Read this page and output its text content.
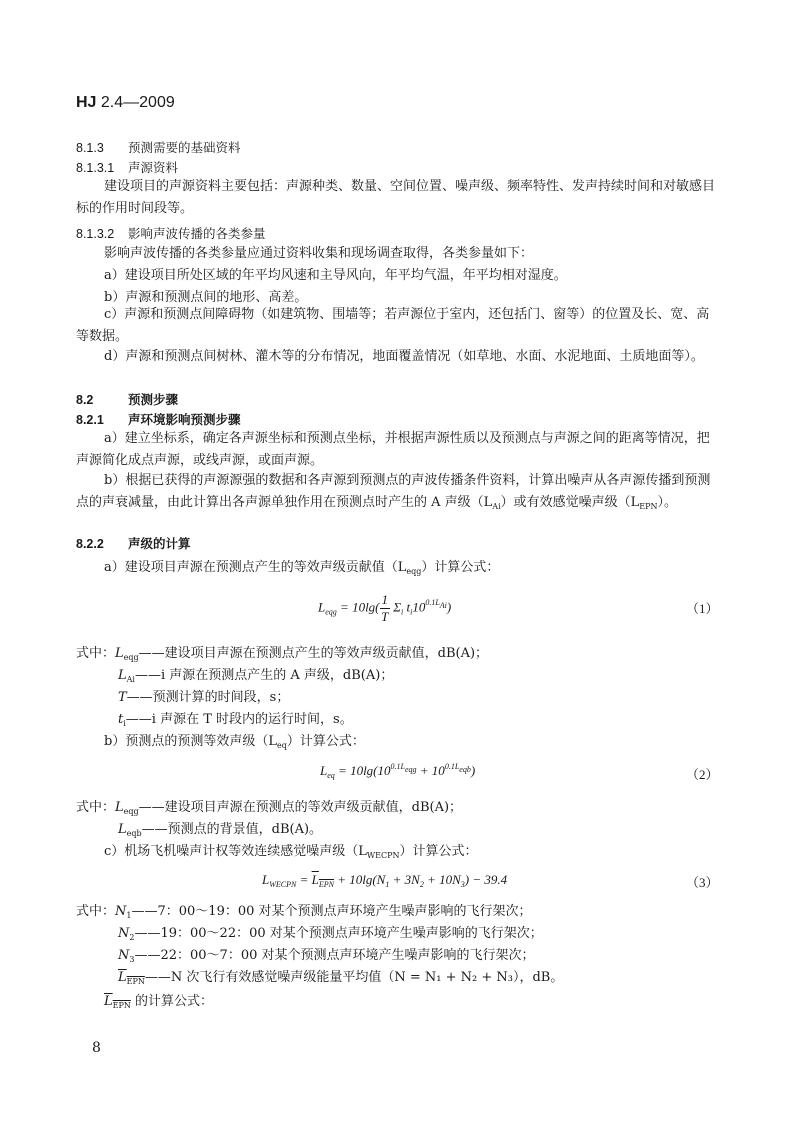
HJ 2.4—2009
8.1.3 预测需要的基础资料
8.1.3.1 声源资料
建设项目的声源资料主要包括：声源种类、数量、空间位置、噪声级、频率特性、发声持续时间和对敏感目标的作用时间段等。
8.1.3.2 影响声波传播的各类参量
影响声波传播的各类参量应通过资料收集和现场调查取得，各类参量如下：
a）建设项目所处区域的年平均风速和主导风向，年平均气温，年平均相对湿度。
b）声源和预测点间的地形、高差。
c）声源和预测点间障碍物（如建筑物、围墙等；若声源位于室内，还包括门、窗等）的位置及长、宽、高等数据。
d）声源和预测点间树林、灌木等的分布情况，地面覆盖情况（如草地、水面、水泥地面、土质地面等）。
8.2	预测步骤
8.2.1 声环境影响预测步骤
a）建立坐标系，确定各声源坐标和预测点坐标，并根据声源性质以及预测点与声源之间的距离等情况，把声源简化成点声源，或线声源，或面声源。
b）根据已获得的声源源强的数据和各声源到预测点的声波传播条件资料，计算出噪声从各声源传播到预测点的声衰减量，由此计算出各声源单独作用在预测点时产生的 A 声级$(L_{Ai})$或有效感觉噪声级$(L_{EPN})$。
8.2.2 声级的计算
a）建设项目声源在预测点产生的等效声级贡献值$(L_{eqg})$计算公式：
$L_{eqg} = 10\lg( \frac{1}{T} \Sigma_i$ $t_i10^{0.1L_{Ai}}$)	（1）
式中：$L_{eqg}——$建设项目声源在预测点产生的等效声级贡献值，dB(A)；
$L_{Ai}——i$ 声源在预测点产生的 A 声级，dB(A)；
T——预测计算的时间段，s；
$t_i——i$ 声源在 T 时段内的运行时间，s。
b）预测点的预测等效声级$(L_{eq})$计算公式：
$L_{eq} = 10\lg(10^{0.1L_{eqg}} + 10^{0.1L_{eqb}})$	（2）
式中：$L_{eqg}——$建设项目声源在预测点的等效声级贡献值，dB(A)；
$L_{eqb}——$预测点的背景值，dB(A)。
c）机场飞机噪声计权等效连续感觉噪声级$(L_{WECPN})$计算公式：
$L_{WECPN} = L_{EPN} + 10\lg(N_1 + 3N_2 + 10N_3) - 39.4$	（3）
式中：$N_1——7$：00～19：00 对某个预测点声环境产生噪声影响的飞行架次；
$N_2——19$：00～22：00 对某个预测点声环境产生噪声影响的飞行架次；
$N_3——22$：00～7：00 对某个预测点声环境产生噪声影响的飞行架次；
$\overline{L}_{\overline{EPN}}——N$ 次飞行有效感觉噪声级能量平均值（N = N₁ + N₂ + N₃），dB。
$\overline{L}_{\overline{EPN}}$ 的计算公式：
8
